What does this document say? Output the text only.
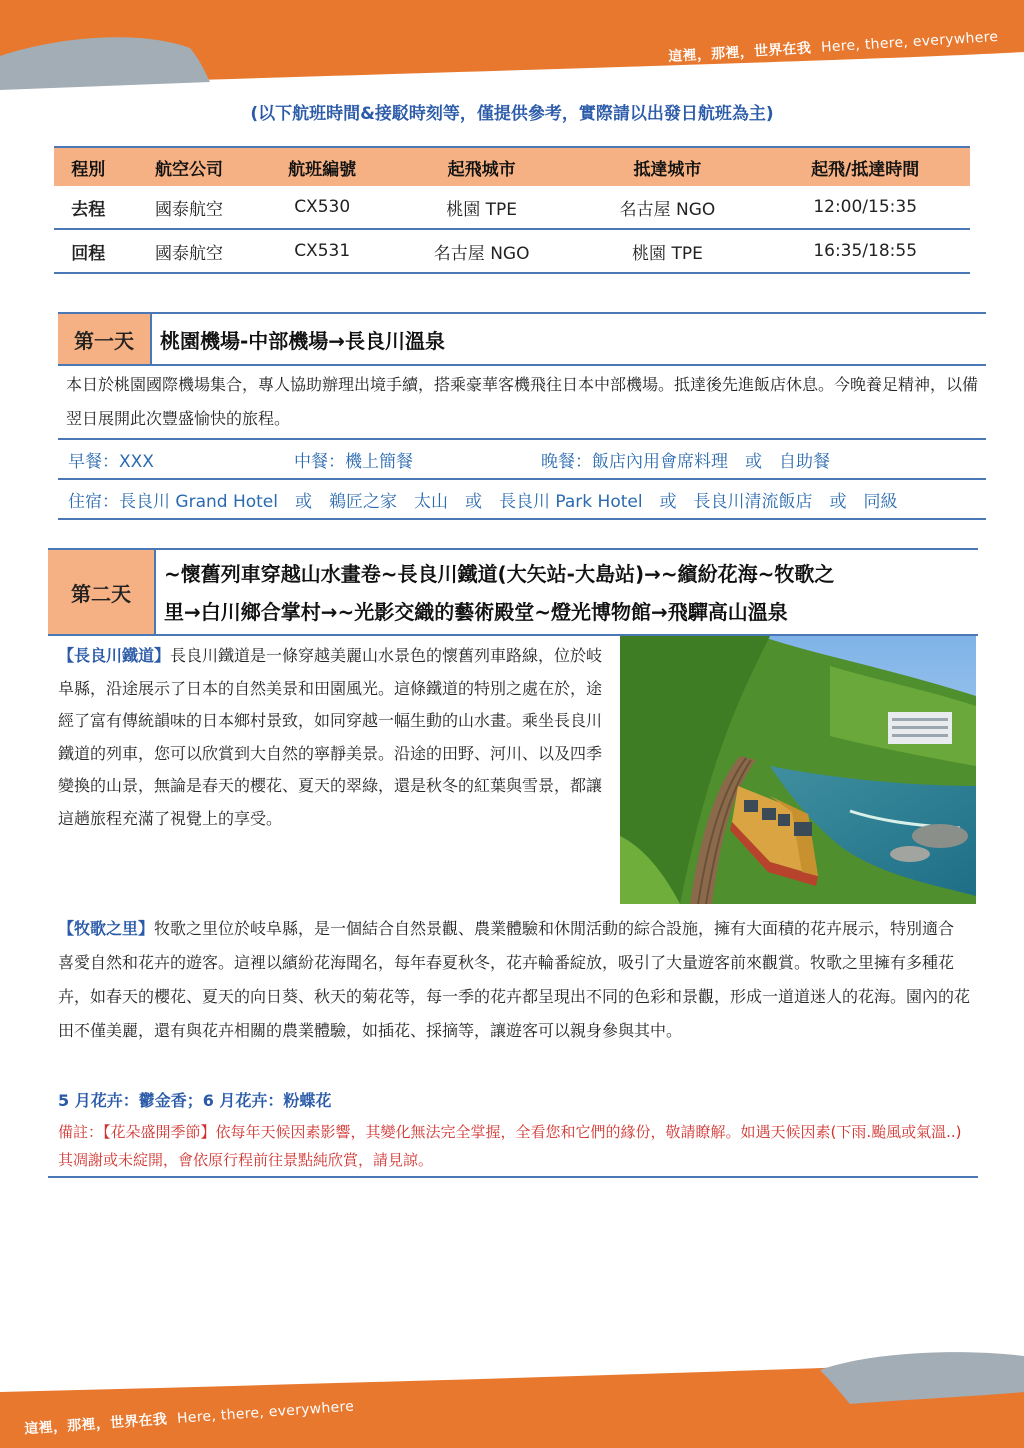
這裡，那裡，世界在我 Here, there, everywhere
(以下航班時間&接駁時刻等，僅提供參考，實際請以出發日航班為主)
程別	航空公司	航班編號	起飛城市	抵達城市	起飛/抵達時間
去程	國泰航空	CX530	桃園 TPE	名古屋 NGO	12:00/15:35
回程	國泰航空	CX531	名古屋 NGO	桃園 TPE	16:35/18:55
第一天	桃園機場-中部機場→長良川溫泉
本日於桃園國際機場集合，專人協助辦理出境手續，搭乘豪華客機飛往日本中部機場。抵達後先進飯店休息。今晚養足精神，以備翌日展開此次豐盛愉快的旅程。
早餐：XXX	中餐：機上簡餐	晚餐：飯店內用會席料理　或　自助餐
住宿：長良川 Grand Hotel　或　鵜匠之家　太山　或　長良川 Park Hotel　或　長良川清流飯店　或　同級
第二天
~懷舊列車穿越山水畫卷~長良川鐵道(大矢站-大島站)→~繽紛花海~牧歌之
里→白川鄉合掌村→~光影交織的藝術殿堂~燈光博物館→飛驒高山溫泉
【長良川鐵道】長良川鐵道是一條穿越美麗山水景色的懷舊列車路線，位於岐阜縣，沿途展示了日本的自然美景和田園風光。這條鐵道的特別之處在於，途經了富有傳統韻味的日本鄉村景致，如同穿越一幅生動的山水畫。乘坐長良川鐵道的列車，您可以欣賞到大自然的寧靜美景。沿途的田野、河川、以及四季變換的山景，無論是春天的櫻花、夏天的翠綠，還是秋冬的紅葉與雪景，都讓這趟旅程充滿了視覺上的享受。
【牧歌之里】牧歌之里位於岐阜縣，是一個結合自然景觀、農業體驗和休閒活動的綜合設施，擁有大面積的花卉展示，特別適合喜愛自然和花卉的遊客。這裡以繽紛花海聞名，每年春夏秋冬，花卉輪番綻放，吸引了大量遊客前來觀賞。牧歌之里擁有多種花卉，如春天的櫻花、夏天的向日葵、秋天的菊花等，每一季的花卉都呈現出不同的色彩和景觀，形成一道道迷人的花海。園內的花田不僅美麗，還有與花卉相關的農業體驗，如插花、採摘等，讓遊客可以親身參與其中。
5 月花卉：鬱金香；6 月花卉：粉蝶花
備註：【花朵盛開季節】依每年天候因素影響，其變化無法完全掌握，全看您和它們的緣份，敬請瞭解。如遇天候因素(下雨.颱風或氣溫..)其凋謝或未綻開，會依原行程前往景點純欣賞，請見諒。
這裡，那裡，世界在我 Here, there, everywhere
